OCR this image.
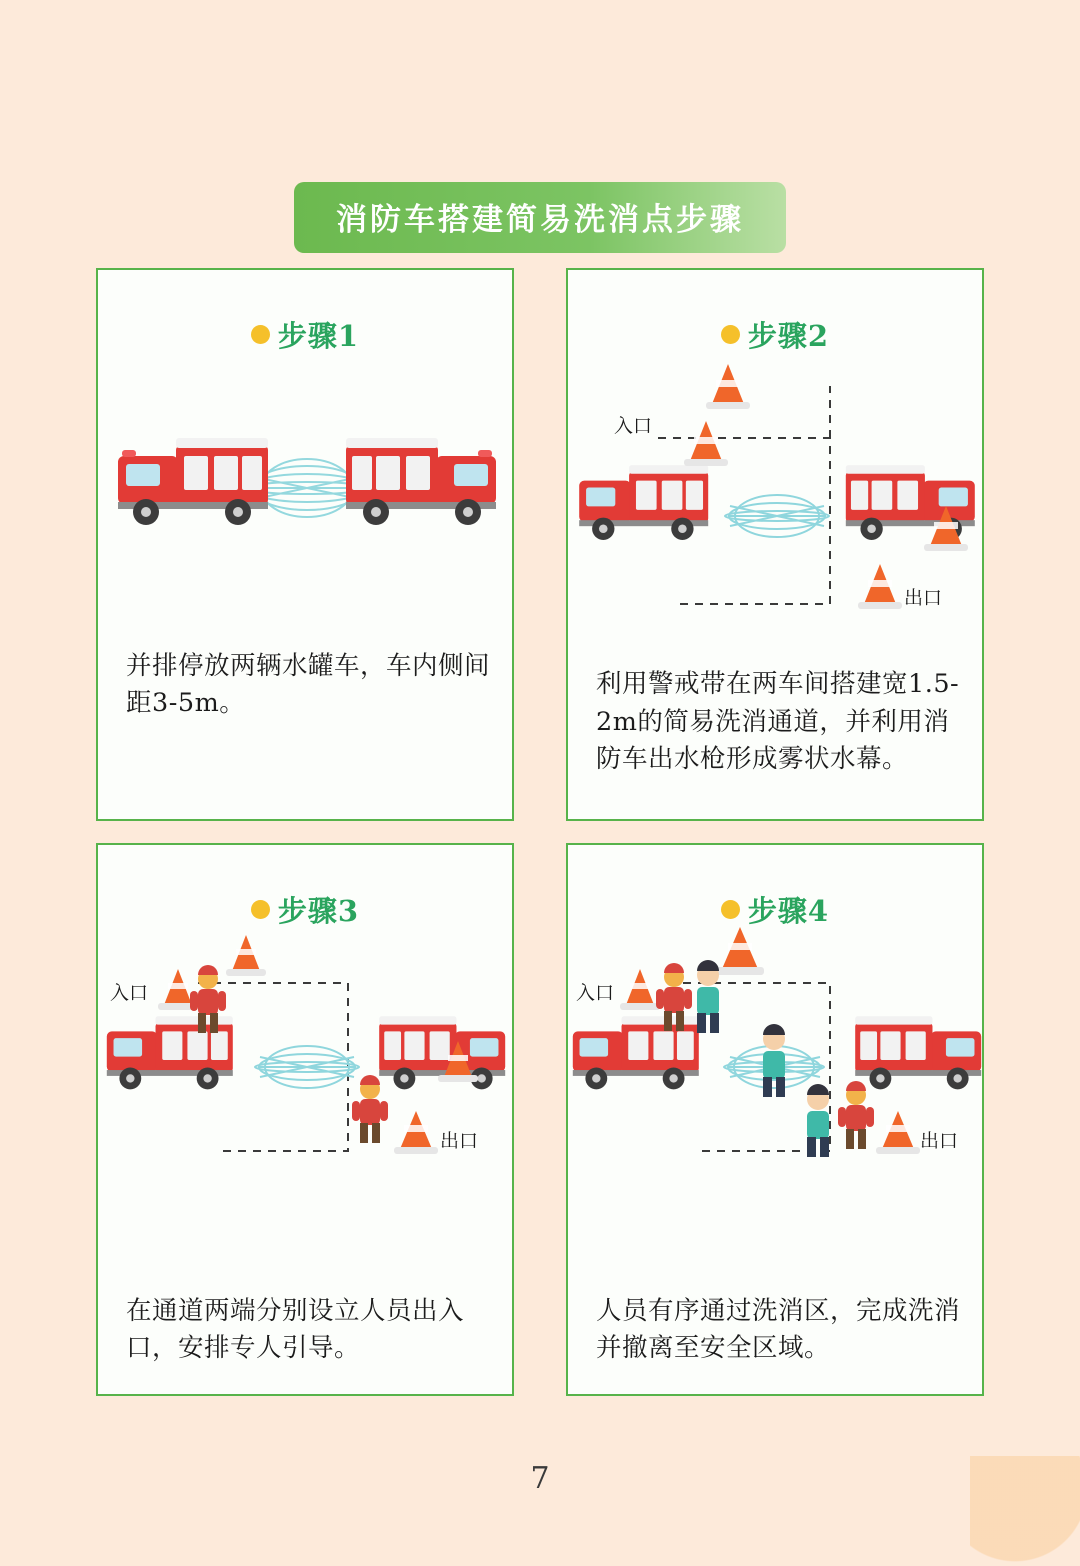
消防车搭建简易洗消点步骤
步骤1
并排停放两辆水罐车，车内侧间距3-5m。
步骤2
入口
出口
利用警戒带在两车间搭建宽1.5-2m的简易洗消通道，并利用消防车出水枪形成雾状水幕。
步骤3
入口
出口
在通道两端分别设立人员出入口，安排专人引导。
步骤4
入口
出口
人员有序通过洗消区，完成洗消并撤离至安全区域。
7
